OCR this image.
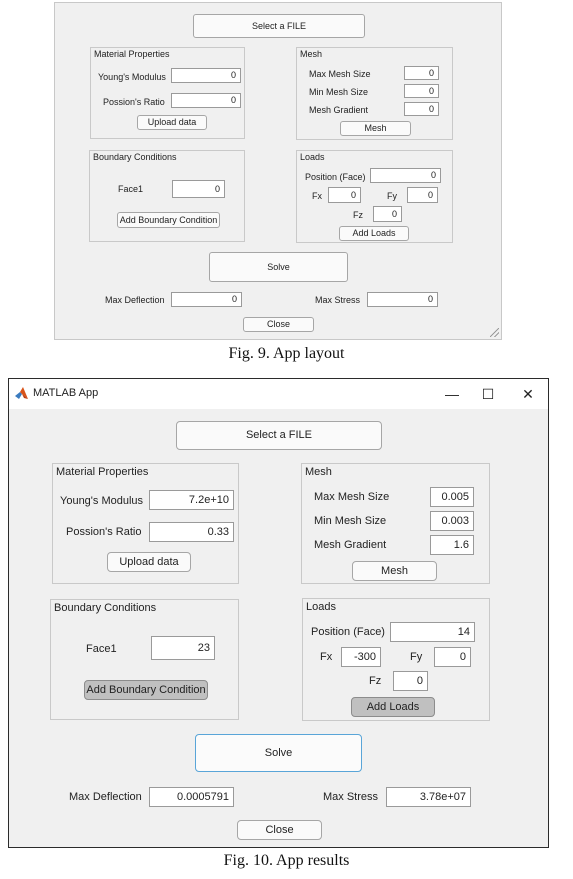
Select a FILE
Material Properties
Young's Modulus	0
Possion's Ratio	0
Upload data
Mesh
Max Mesh Size	0
Min Mesh Size	0
Mesh Gradient	0
Mesh
Boundary Conditions
Face1	0
Add Boundary Condition
Loads
Position (Face)	0
Fx	0	Fy	0
Fz	0
Add Loads
Solve
Max Deflection	0	Max Stress	0
Close
Fig. 9. App layout
MATLAB App	—	☐	✕
Select a FILE
Material Properties
Young's Modulus	7.2e+10
Possion's Ratio	0.33
Upload data
Mesh
Max Mesh Size	0.005
Min Mesh Size	0.003
Mesh Gradient	1.6
Mesh
Boundary Conditions
Face1	23
Add Boundary Condition
Loads
Position (Face)	14
Fx	-300	Fy	0
Fz	0
Add Loads
Solve
Max Deflection	0.0005791	Max Stress	3.78e+07
Close
Fig. 10. App results
